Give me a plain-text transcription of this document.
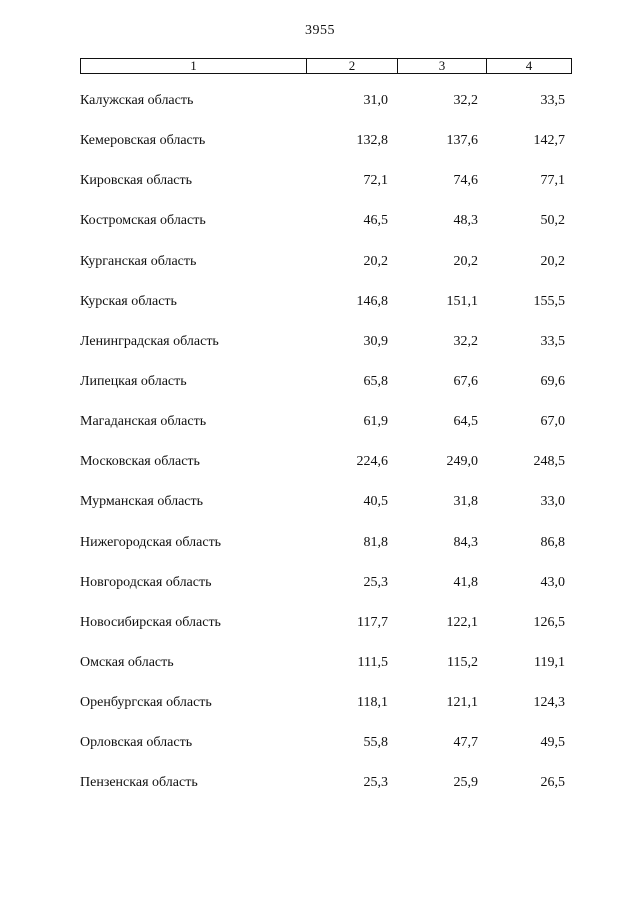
3955
1	2	3	4
Калужская область	31,0	32,2	33,5
Кемеровская область	132,8	137,6	142,7
Кировская область	72,1	74,6	77,1
Костромская область	46,5	48,3	50,2
Курганская область	20,2	20,2	20,2
Курская область	146,8	151,1	155,5
Ленинградская область	30,9	32,2	33,5
Липецкая область	65,8	67,6	69,6
Магаданская область	61,9	64,5	67,0
Московская область	224,6	249,0	248,5
Мурманская область	40,5	31,8	33,0
Нижегородская область	81,8	84,3	86,8
Новгородская область	25,3	41,8	43,0
Новосибирская область	117,7	122,1	126,5
Омская область	111,5	115,2	119,1
Оренбургская область	118,1	121,1	124,3
Орловская область	55,8	47,7	49,5
Пензенская область	25,3	25,9	26,5
